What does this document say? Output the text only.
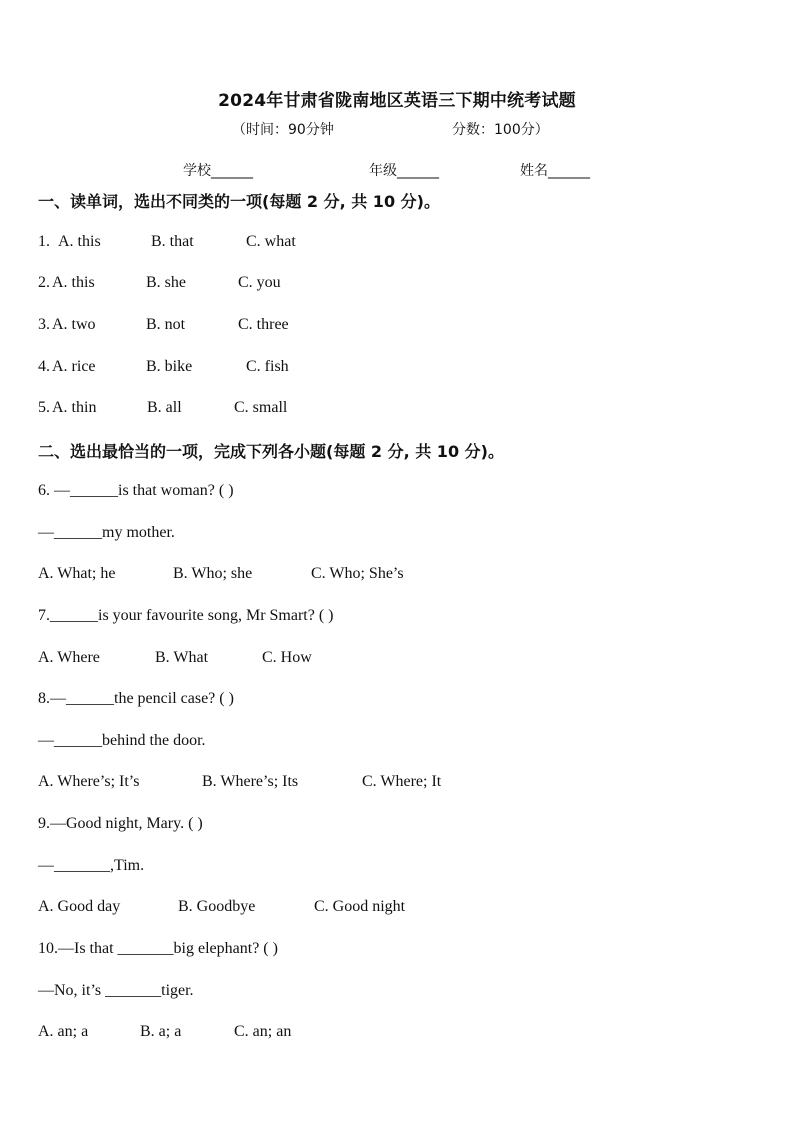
2024年甘肃省陇南地区英语三下期中统考试题
（时间：90分钟	分数：100分）
学校______	年级______	姓名______
一、读单词，选出不同类的一项(每题 2 分, 共 10 分)。
1. A. this	B. that	C. what
2. A. this	B. she	C. you
3. A. two	B. not	C. three
4. A. rice	B. bike	C. fish
5. A. thin	B. all	C. small
二、选出最恰当的一项，完成下列各小题(每题 2 分, 共 10 分)。
6. —______is that woman? ( )
—______my mother.
A. What; he	B. Who; she	C. Who; She’s
7.______is your favourite song, Mr Smart? ( )
A. Where	B. What	C. How
8.—______the pencil case? ( )
—______behind the door.
A. Where’s; It’s	B. Where’s; Its	C. Where; It
9.—Good night, Mary. ( )
—_______,Tim.
A. Good day	B. Goodbye	C. Good night
10.—Is that _______big elephant? ( )
—No, it’s _______tiger.
A. an; a	B. a; a	C. an; an
